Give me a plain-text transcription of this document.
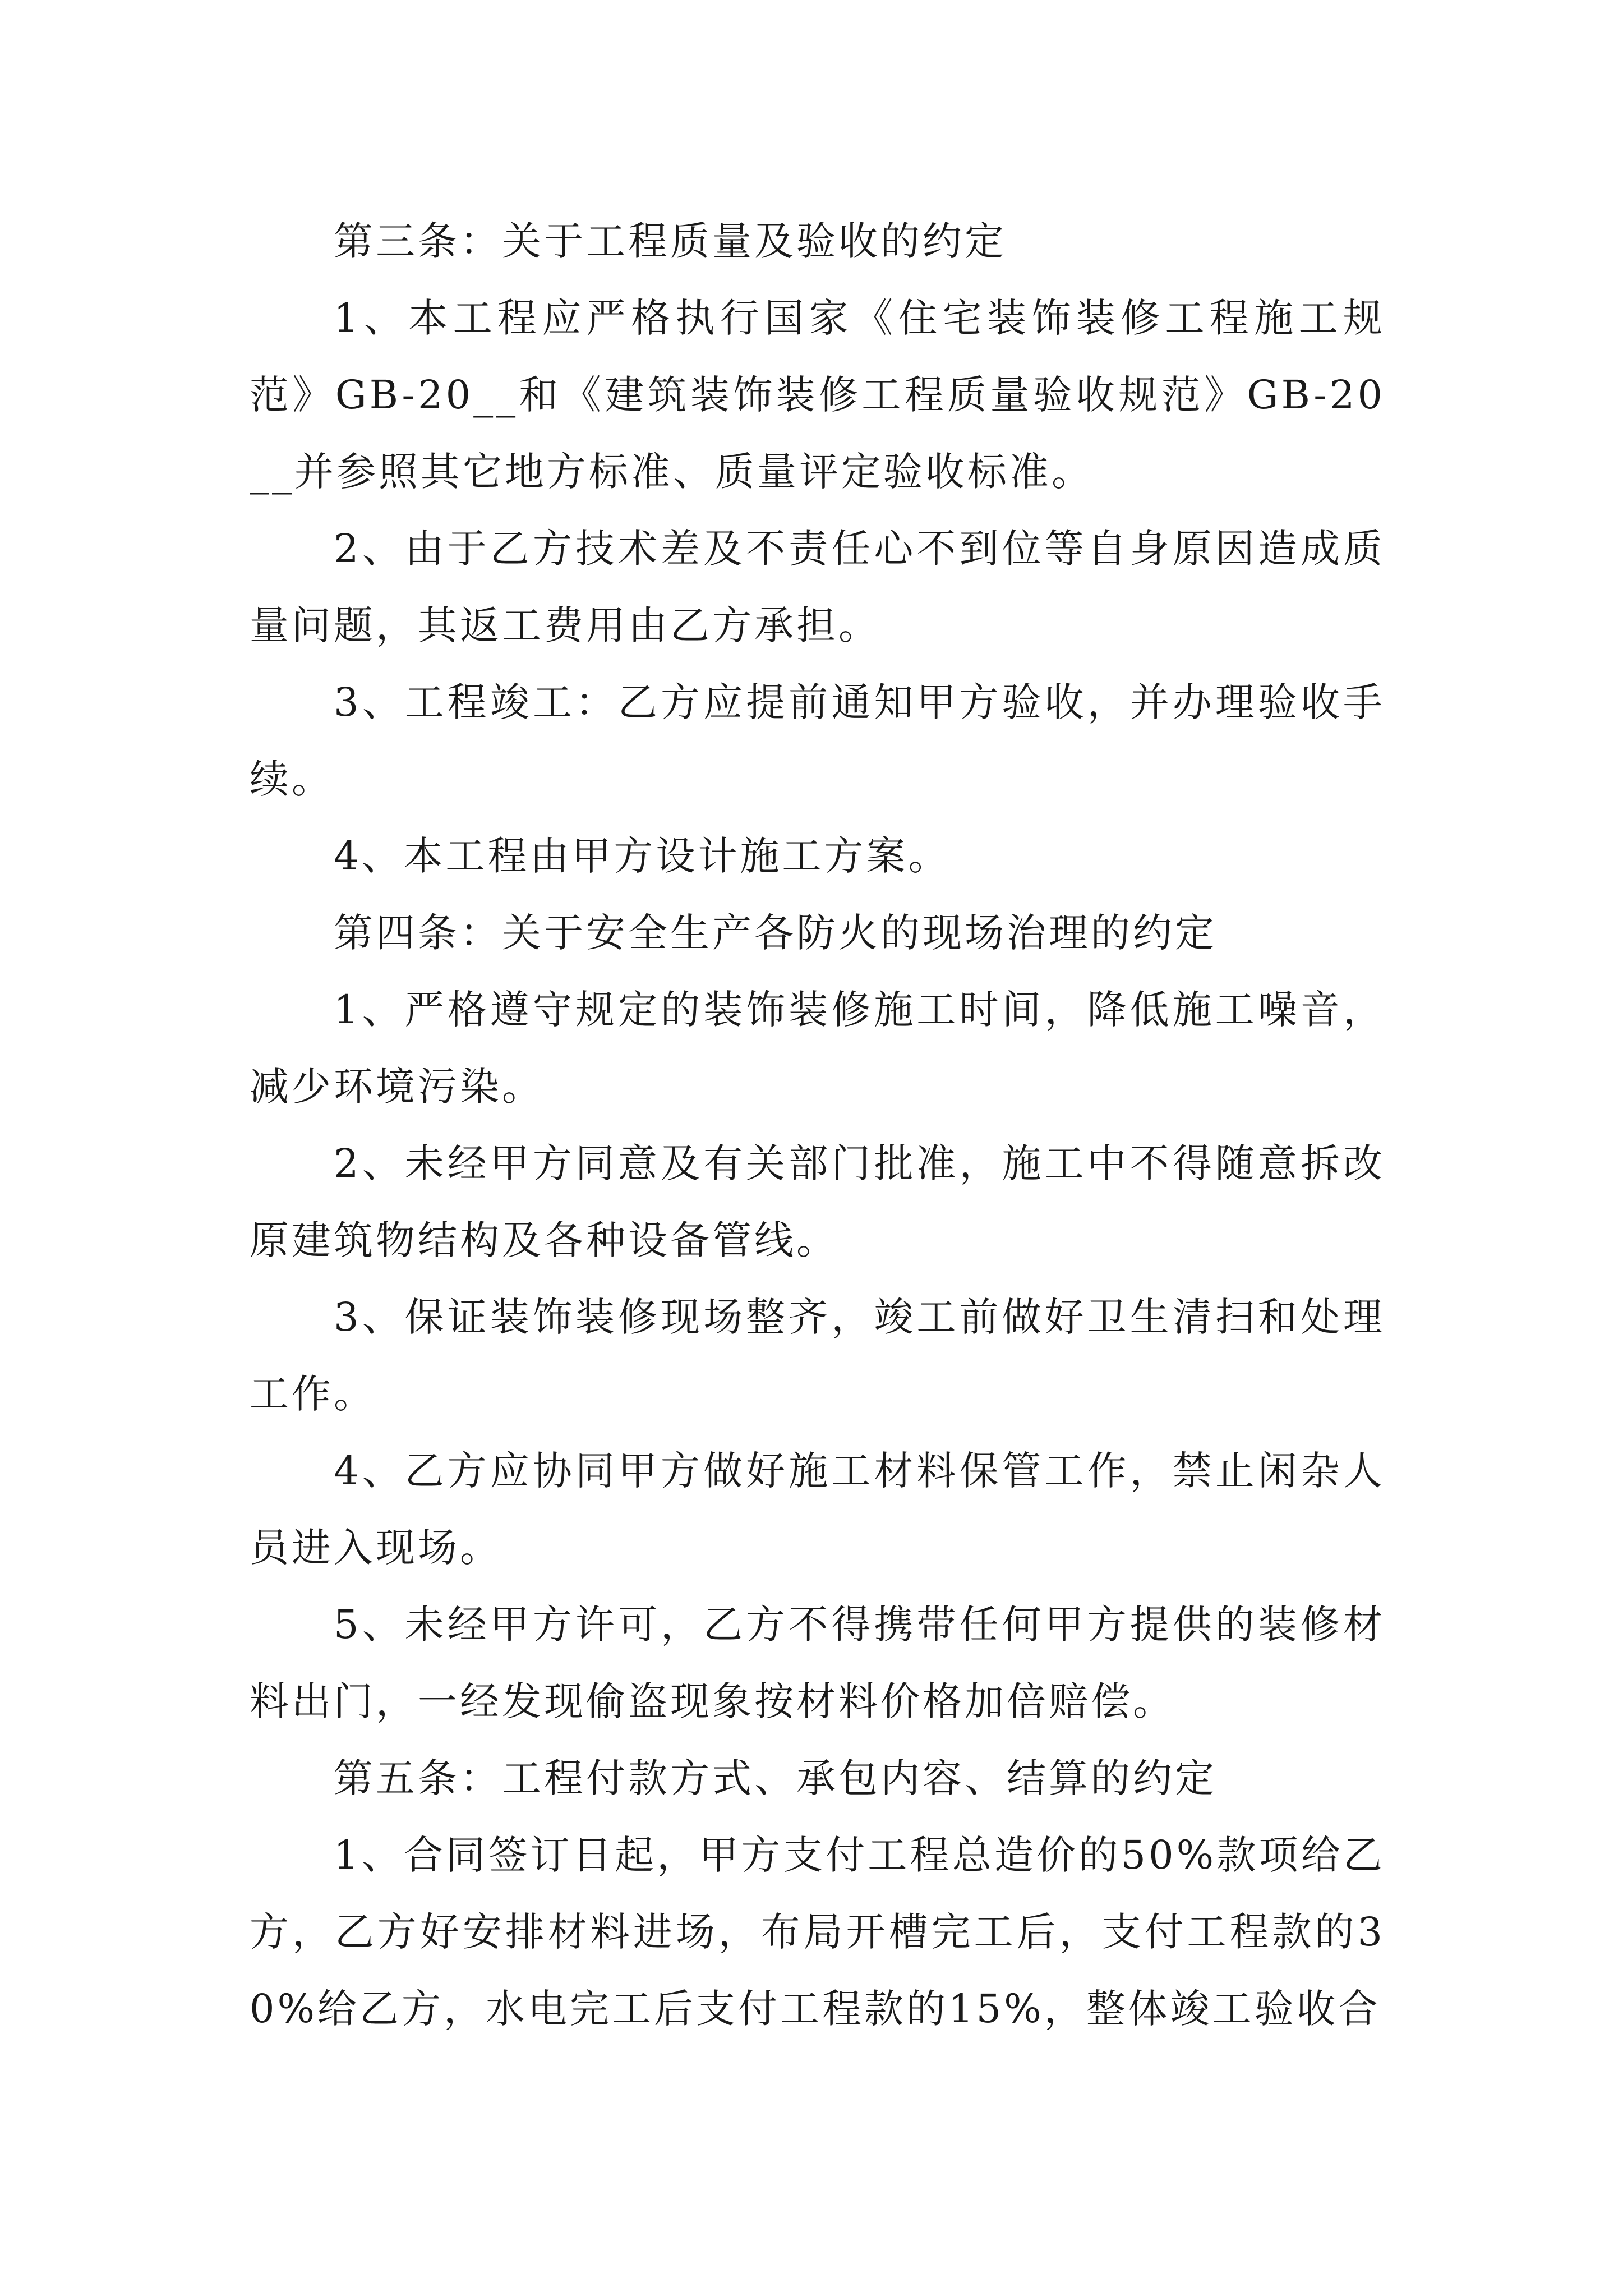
第三条：关于工程质量及验收的约定

1、本工程应严格执行国家《住宅装饰装修工程施工规范》GB-20__和《建筑装饰装修工程质量验收规范》GB-20__并参照其它地方标准、质量评定验收标准。

2、由于乙方技术差及不责任心不到位等自身原因造成质量问题，其返工费用由乙方承担。

3、工程竣工：乙方应提前通知甲方验收，并办理验收手续。

4、本工程由甲方设计施工方案。

第四条：关于安全生产各防火的现场治理的约定

1、严格遵守规定的装饰装修施工时间，降低施工噪音，减少环境污染。

2、未经甲方同意及有关部门批准，施工中不得随意拆改原建筑物结构及各种设备管线。

3、保证装饰装修现场整齐，竣工前做好卫生清扫和处理工作。

4、乙方应协同甲方做好施工材料保管工作，禁止闲杂人员进入现场。

5、未经甲方许可，乙方不得携带任何甲方提供的装修材料出门，一经发现偷盗现象按材料价格加倍赔偿。

第五条：工程付款方式、承包内容、结算的约定

1、合同签订日起，甲方支付工程总造价的50%款项给乙方，乙方好安排材料进场，布局开槽完工后，支付工程款的30%给乙方，水电完工后支付工程款的15%，整体竣工验收合
